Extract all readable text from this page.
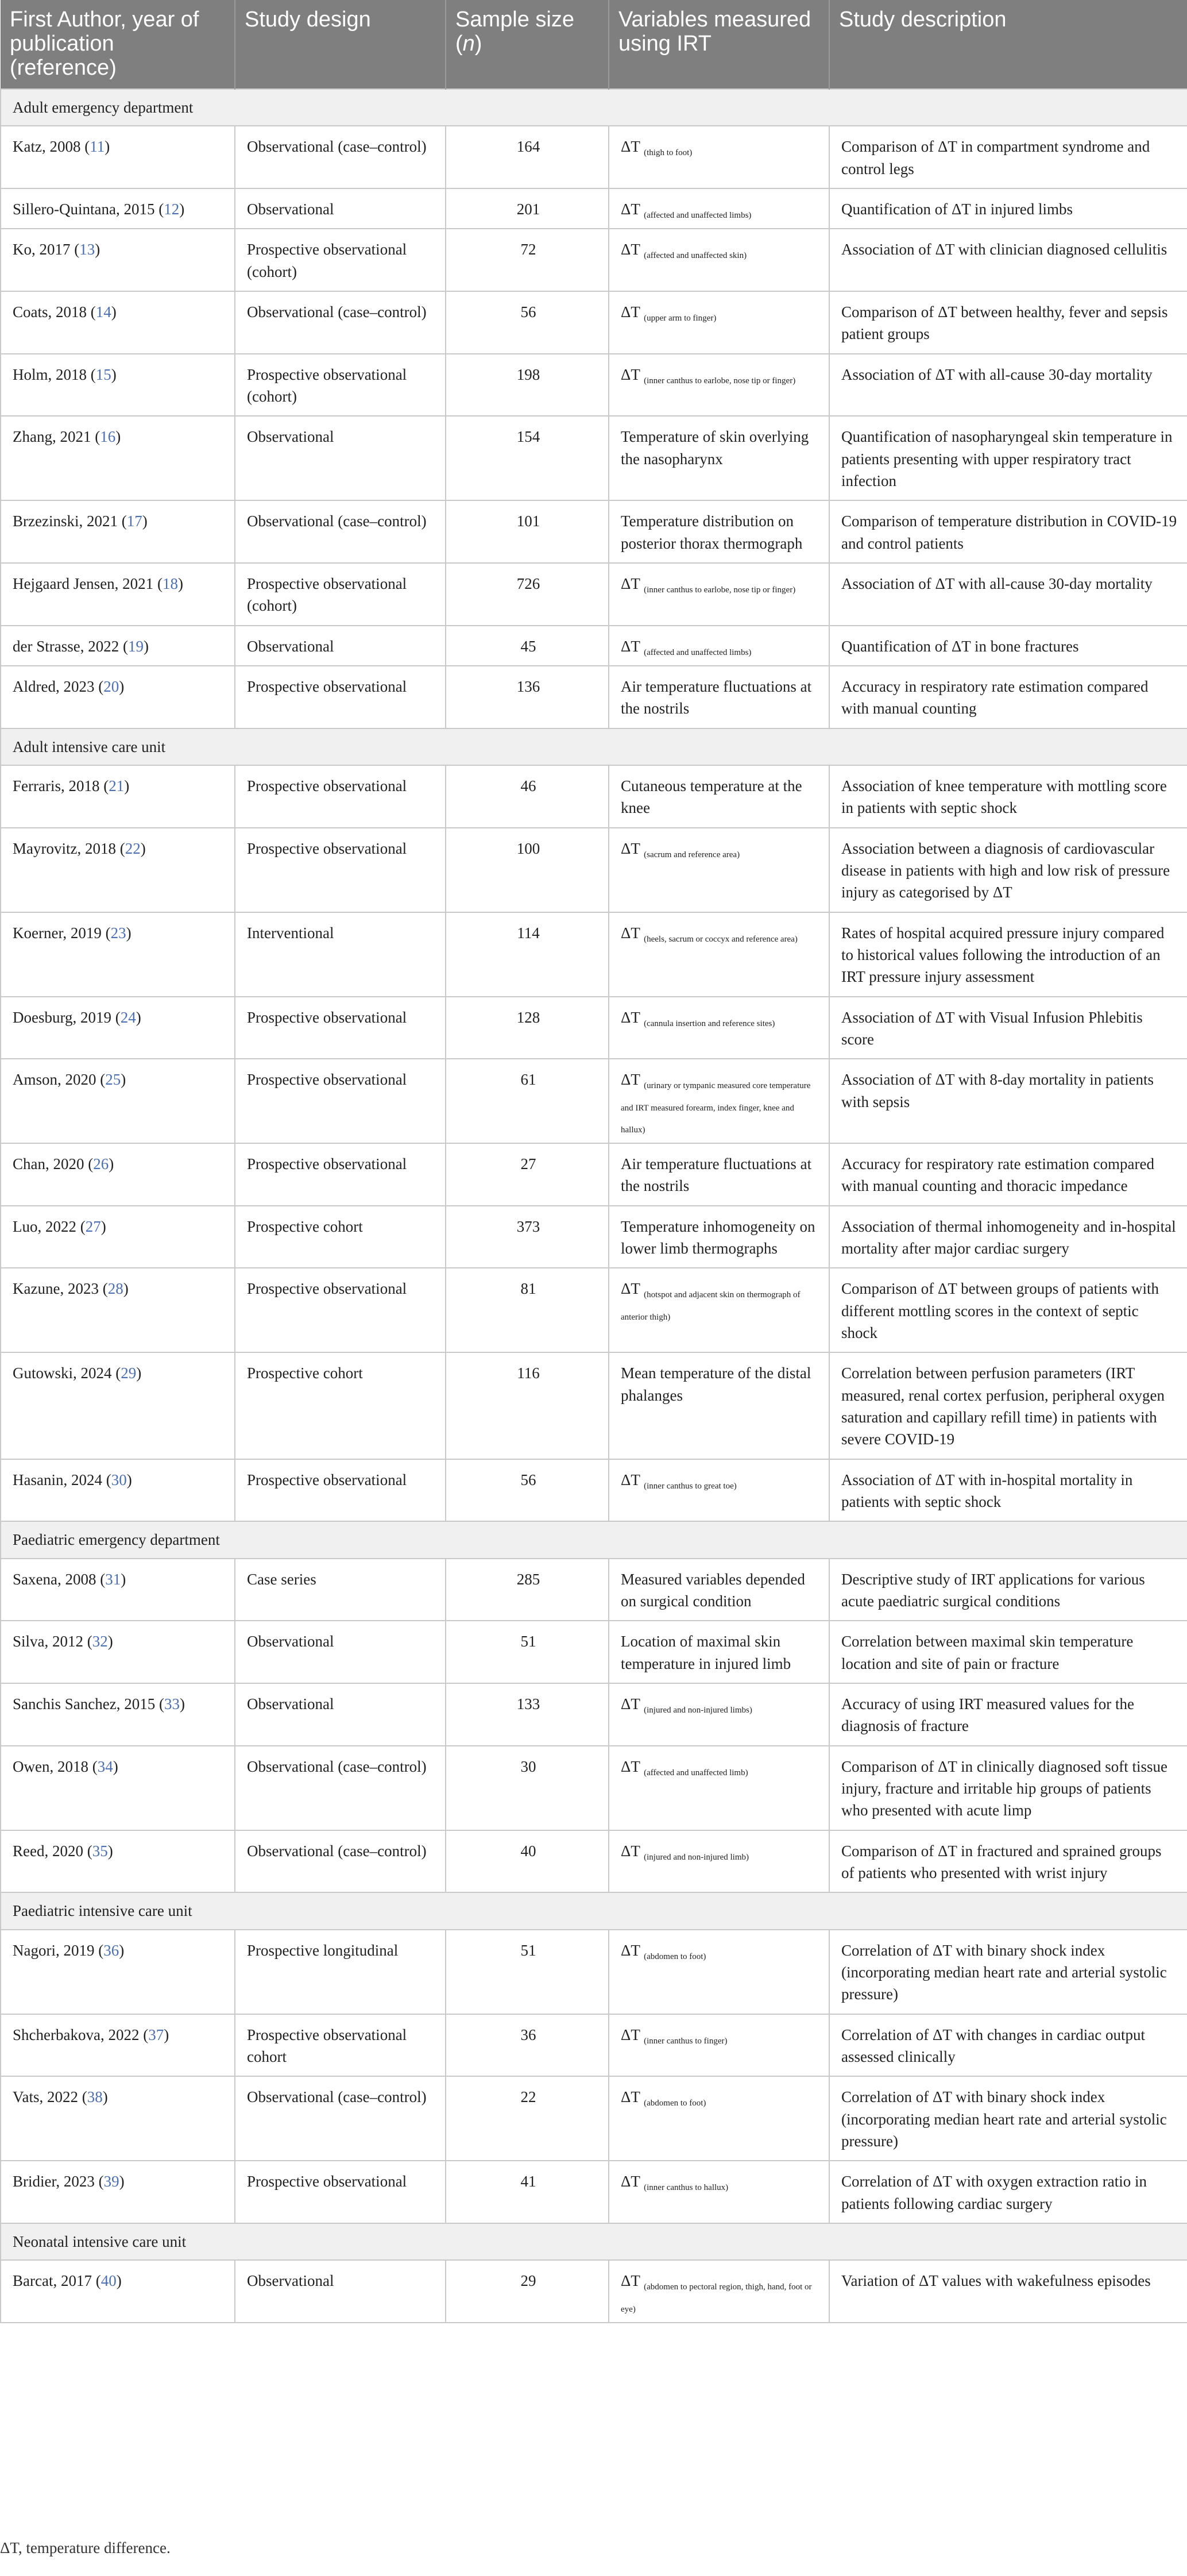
First Author, year of publication (reference)	Study design	Sample size (n)	Variables measured using IRT	Study description
Adult emergency department				
Katz, 2008 (11)	Observational (case–control)	164	ΔT $_{(thigh to foot)}$	Comparison of ΔT in compartment syndrome and control legs
Sillero-Quintana, 2015 (12)	Observational	201	ΔT $_{(affected and unaffected limbs)}$	Quantification of ΔT in injured limbs
Ko, 2017 (13)	Prospective observational (cohort)	72	ΔT $_{(affected and unaffected skin)}$	Association of ΔT with clinician diagnosed cellulitis
Coats, 2018 (14)	Observational (case–control)	56	ΔT $_{(upper arm to finger)}$	Comparison of ΔT between healthy, fever and sepsis patient groups
Holm, 2018 (15)	Prospective observational (cohort)	198	ΔT $_{(inner canthus to earlobe, nose tip or finger)}$	Association of ΔT with all-cause 30-day mortality
Zhang, 2021 (16)	Observational	154	Temperature of skin overlying the nasopharynx	Quantification of nasopharyngeal skin temperature in patients presenting with upper respiratory tract infection
Brzezinski, 2021 (17)	Observational (case–control)	101	Temperature distribution on posterior thorax thermograph	Comparison of temperature distribution in COVID-19 and control patients
Hejgaard Jensen, 2021 (18)	Prospective observational (cohort)	726	ΔT $_{(inner canthus to earlobe, nose tip or finger)}$	Association of ΔT with all-cause 30-day mortality
der Strasse, 2022 (19)	Observational	45	ΔT $_{(affected and unaffected limbs)}$	Quantification of ΔT in bone fractures
Aldred, 2023 (20)	Prospective observational	136	Air temperature fluctuations at the nostrils	Accuracy in respiratory rate estimation compared with manual counting
Adult intensive care unit				
Ferraris, 2018 (21)	Prospective observational	46	Cutaneous temperature at the knee	Association of knee temperature with mottling score in patients with septic shock
Mayrovitz, 2018 (22)	Prospective observational	100	ΔT $_{(sacrum and reference area)}$	Association between a diagnosis of cardiovascular disease in patients with high and low risk of pressure injury as categorised by ΔT
Koerner, 2019 (23)	Interventional	114	ΔT $_{(heels, sacrum or coccyx and reference area)}$	Rates of hospital acquired pressure injury compared to historical values following the introduction of an IRT pressure injury assessment
Doesburg, 2019 (24)	Prospective observational	128	ΔT $_{(cannula insertion and reference sites)}$	Association of ΔT with Visual Infusion Phlebitis score
Amson, 2020 (25)	Prospective observational	61	ΔT $_{(urinary or tympanic measured core temperature and IRT measured forearm, index finger, knee and hallux)}$	Association of ΔT with 8-day mortality in patients with sepsis
Chan, 2020 (26)	Prospective observational	27	Air temperature fluctuations at the nostrils	Accuracy for respiratory rate estimation compared with manual counting and thoracic impedance
Luo, 2022 (27)	Prospective cohort	373	Temperature inhomogeneity on lower limb thermographs	Association of thermal inhomogeneity and in-hospital mortality after major cardiac surgery
Kazune, 2023 (28)	Prospective observational	81	ΔT $_{(hotspot and adjacent skin on thermograph of anterior thigh)}$	Comparison of ΔT between groups of patients with different mottling scores in the context of septic shock
Gutowski, 2024 (29)	Prospective cohort	116	Mean temperature of the distal phalanges	Correlation between perfusion parameters (IRT measured, renal cortex perfusion, peripheral oxygen saturation and capillary refill time) in patients with severe COVID-19
Hasanin, 2024 (30)	Prospective observational	56	ΔT $_{(inner canthus to great toe)}$	Association of ΔT with in-hospital mortality in patients with septic shock
Paediatric emergency department				
Saxena, 2008 (31)	Case series	285	Measured variables depended on surgical condition	Descriptive study of IRT applications for various acute paediatric surgical conditions
Silva, 2012 (32)	Observational	51	Location of maximal skin temperature in injured limb	Correlation between maximal skin temperature location and site of pain or fracture
Sanchis Sanchez, 2015 (33)	Observational	133	ΔT $_{(injured and non-injured limbs)}$	Accuracy of using IRT measured values for the diagnosis of fracture
Owen, 2018 (34)	Observational (case–control)	30	ΔT $_{(affected and unaffected limb)}$	Comparison of ΔT in clinically diagnosed soft tissue injury, fracture and irritable hip groups of patients who presented with acute limp
Reed, 2020 (35)	Observational (case–control)	40	ΔT $_{(injured and non-injured limb)}$	Comparison of ΔT in fractured and sprained groups of patients who presented with wrist injury
Paediatric intensive care unit				
Nagori, 2019 (36)	Prospective longitudinal	51	ΔT $_{(abdomen to foot)}$	Correlation of ΔT with binary shock index (incorporating median heart rate and arterial systolic pressure)
Shcherbakova, 2022 (37)	Prospective observational cohort	36	ΔT $_{(inner canthus to finger)}$	Correlation of ΔT with changes in cardiac output assessed clinically
Vats, 2022 (38)	Observational (case–control)	22	ΔT $_{(abdomen to foot)}$	Correlation of ΔT with binary shock index (incorporating median heart rate and arterial systolic pressure)
Bridier, 2023 (39)	Prospective observational	41	ΔT $_{(inner canthus to hallux)}$	Correlation of ΔT with oxygen extraction ratio in patients following cardiac surgery
Neonatal intensive care unit				
Barcat, 2017 (40)	Observational	29	ΔT $_{(abdomen to pectoral region, thigh, hand, foot or eye)}$	Variation of ΔT values with wakefulness episodes
ΔT, temperature difference.
